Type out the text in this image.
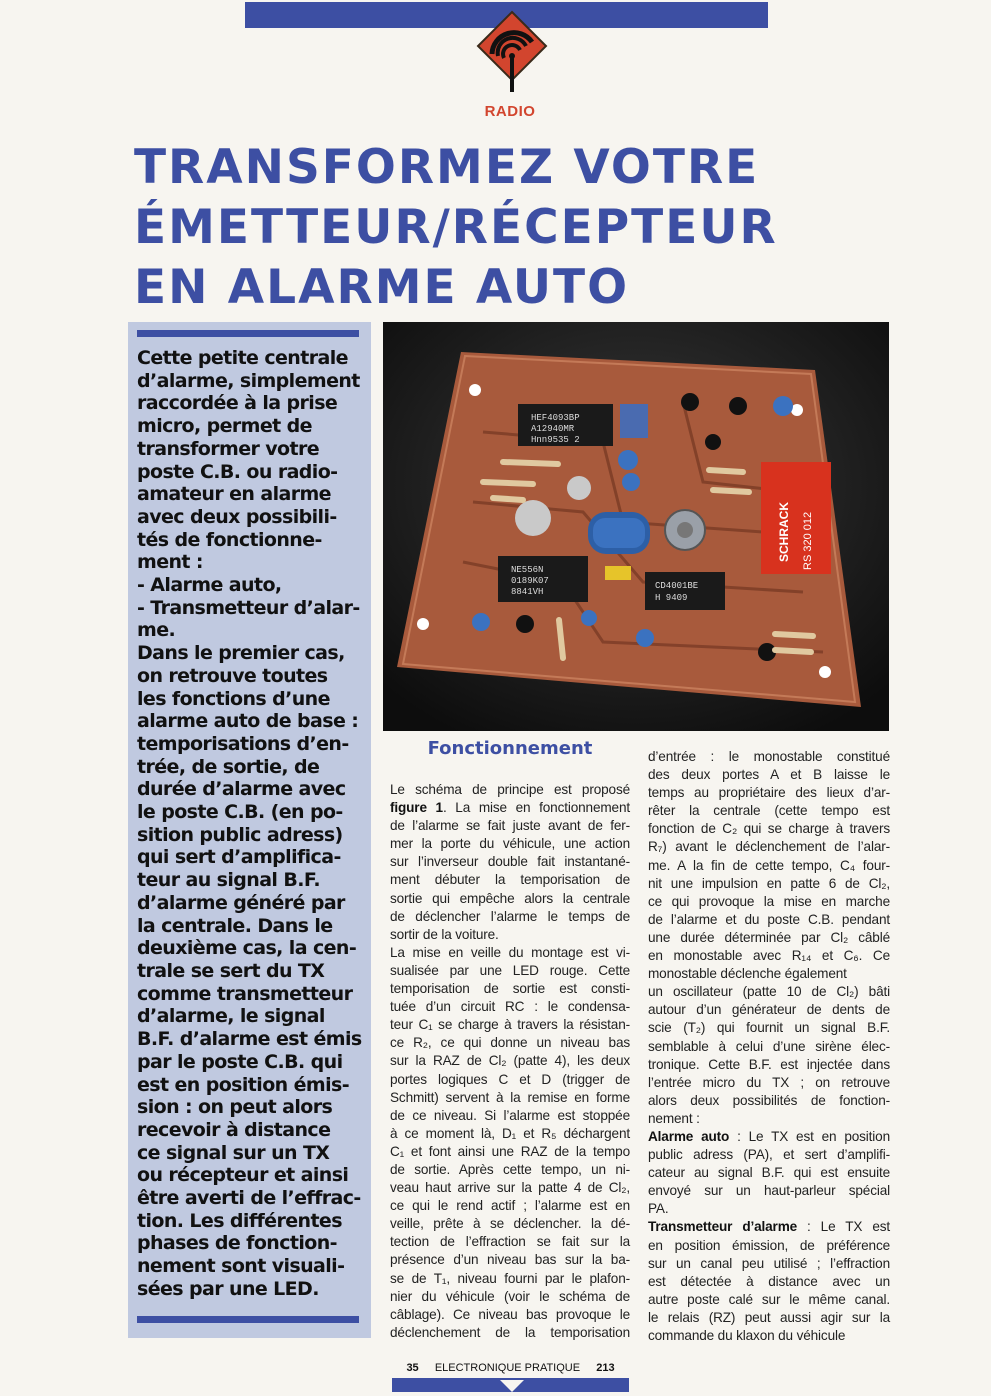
RADIO
TRANSFORMEZ VOTRE
ÉMETTEUR/RÉCEPTEUR
EN ALARME AUTO
Cette petite centrale
d’alarme, simplement
raccordée à la prise
micro, permet de
transformer votre
poste C.B. ou radio-
amateur en alarme
avec deux possibili-
tés de fonctionne-
ment :
- Alarme auto,
- Transmetteur d’alar-
me.
Dans le premier cas,
on retrouve toutes
les fonctions d’une
alarme auto de base :
temporisations d’en-
trée, de sortie, de
durée d’alarme avec
le poste C.B. (en po-
sition public adress)
qui sert d’amplifica-
teur au signal B.F.
d’alarme généré par
la centrale. Dans le
deuxième cas, la cen-
trale se sert du TX
comme transmetteur
d’alarme, le signal
B.F. d’alarme est émis
par le poste C.B. qui
est en position émis-
sion : on peut alors
recevoir à distance
ce signal sur un TX
ou récepteur et ainsi
être averti de l’effrac-
tion. Les différentes
phases de fonction-
nement sont visuali-
sées par une LED.
HEF4093BP
A12940MR
Hnn9535 2
NE556N
0189K07
8841VH
CD4001BE
H 9409
SCHRACK RS 320 012
Fonctionnement
Le schéma de principe est proposé
figure 1. La mise en fonctionnement
de l’alarme se fait juste avant de fer-
mer la porte du véhicule, une action
sur l’inverseur double fait instantané-
ment débuter la temporisation de
sortie qui empêche alors la centrale
de déclencher l’alarme le temps de
sortir de la voiture.
La mise en veille du montage est vi-
sualisée par une LED rouge. Cette
temporisation de sortie est consti-
tuée d’un circuit RC : le condensa-
teur C₁ se charge à travers la résistan-
ce R₂, ce qui donne un niveau bas
sur la RAZ de Cl₂ (patte 4), les deux
portes logiques C et D (trigger de
Schmitt) servent à la remise en forme
de ce niveau. Si l’alarme est stoppée
à ce moment là, D₁ et R₅ déchargent
C₁ et font ainsi une RAZ de la tempo
de sortie. Après cette tempo, un ni-
veau haut arrive sur la patte 4 de Cl₂,
ce qui le rend actif ; l’alarme est en
veille, prête à se déclencher. la dé-
tection de l’effraction se fait sur la
présence d’un niveau bas sur la ba-
se de T₁, niveau fourni par le plafon-
nier du véhicule (voir le schéma de
câblage). Ce niveau bas provoque le
déclenchement de la temporisation
d’entrée : le monostable constitué
des deux portes A et B laisse le
temps au propriétaire des lieux d’ar-
rêter la centrale (cette tempo est
fonction de C₂ qui se charge à travers
R₇) avant le déclenchement de l’alar-
me. A la fin de cette tempo, C₄ four-
nit une impulsion en patte 6 de Cl₂,
ce qui provoque la mise en marche
de l’alarme et du poste C.B. pendant
une durée déterminée par Cl₂ câblé
en monostable avec R₁₄ et C₆. Ce
monostable déclenche également
un oscillateur (patte 10 de Cl₂) bâti
autour d’un générateur de dents de
scie (T₂) qui fournit un signal B.F.
semblable à celui d’une sirène élec-
tronique. Cette B.F. est injectée dans
l’entrée micro du TX ; on retrouve
alors deux possibilités de fonction-
nement :
Alarme auto : Le TX est en position
public adress (PA), et sert d’amplifi-
cateur au signal B.F. qui est ensuite
envoyé sur un haut-parleur spécial
PA.
Transmetteur d’alarme : Le TX est
en position émission, de préférence
sur un canal peu utilisé ; l’effraction
est détectée à distance avec un
autre poste calé sur le même canal.
le relais (RZ) peut aussi agir sur la
commande du klaxon du véhicule
35 ELECTRONIQUE PRATIQUE 213
